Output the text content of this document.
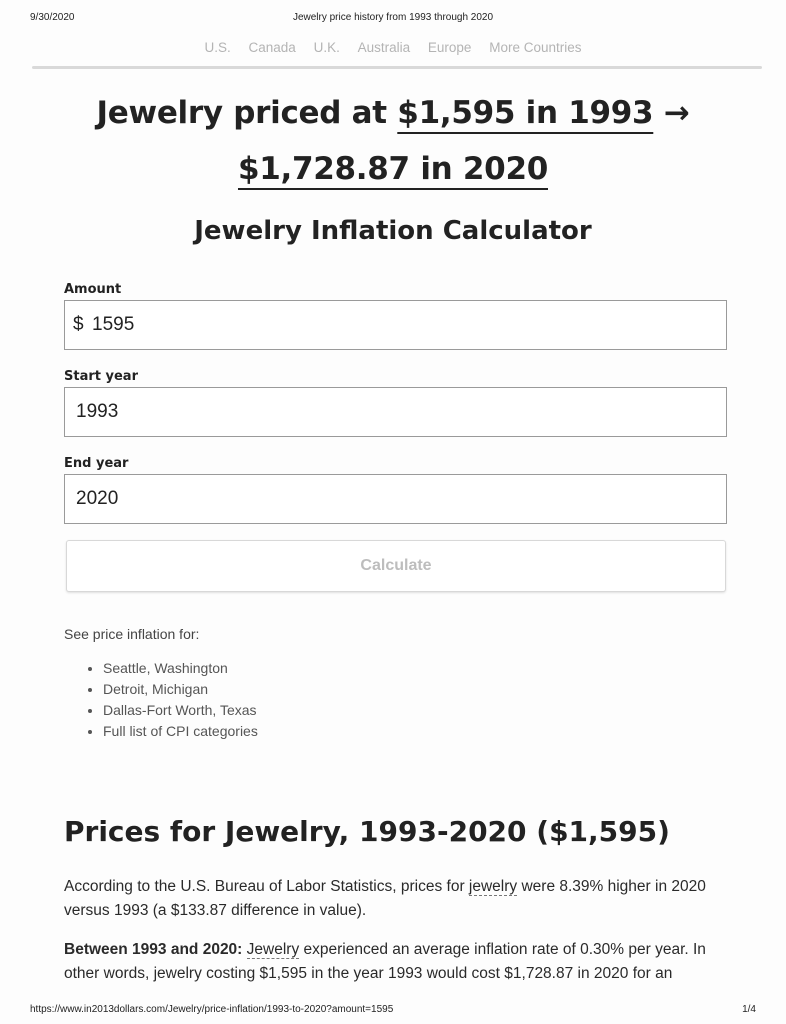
9/30/2020	Jewelry price history from 1993 through 2020
U.S. Canada U.K. Australia Europe More Countries
Jewelry priced at $1,595 in 1993 →
$1,728.87 in 2020
Jewelry Inflation Calculator
Amount
$ 1595
Start year
1993
End year
2020
Calculate
See price inflation for:
• Seattle, Washington
• Detroit, Michigan
• Dallas-Fort Worth, Texas
• Full list of CPI categories
Prices for Jewelry, 1993-2020 ($1,595)
According to the U.S. Bureau of Labor Statistics, prices for jewelry were 8.39% higher in 2020 versus 1993 (a $133.87 difference in value).
Between 1993 and 2020: Jewelry experienced an average inflation rate of 0.30% per year. In other words, jewelry costing $1,595 in the year 1993 would cost $1,728.87 in 2020 for an
https://www.in2013dollars.com/Jewelry/price-inflation/1993-to-2020?amount=1595	1/4
